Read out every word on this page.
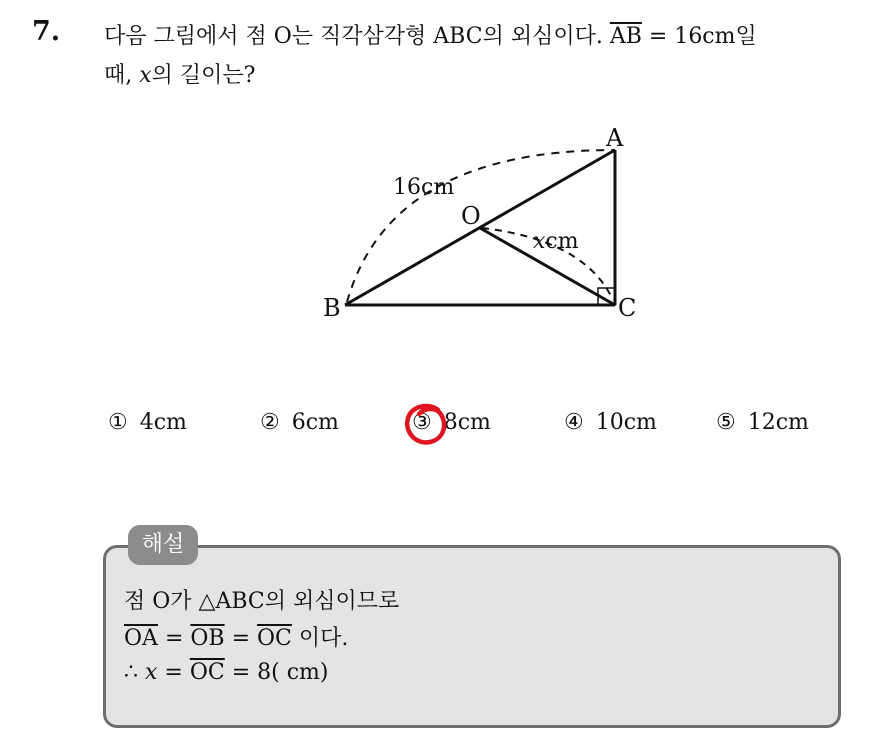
7. 다음 그림에서 점 O는 직각삼각형 ABC의 외심이다. $\overline{AB} = 16cm$일
때, x의 길이는?
A
B	C
O
16cm
xcm
① 4cm	② 6cm	③ 8cm	④ 10cm	⑤ 12cm
해설
점 O가 △ABC의 외심이므로
$\overline{OA} = \overline{OB} = \overline{OC}$ 이다.
∴ $x = \overline{OC} = 8$( cm)
